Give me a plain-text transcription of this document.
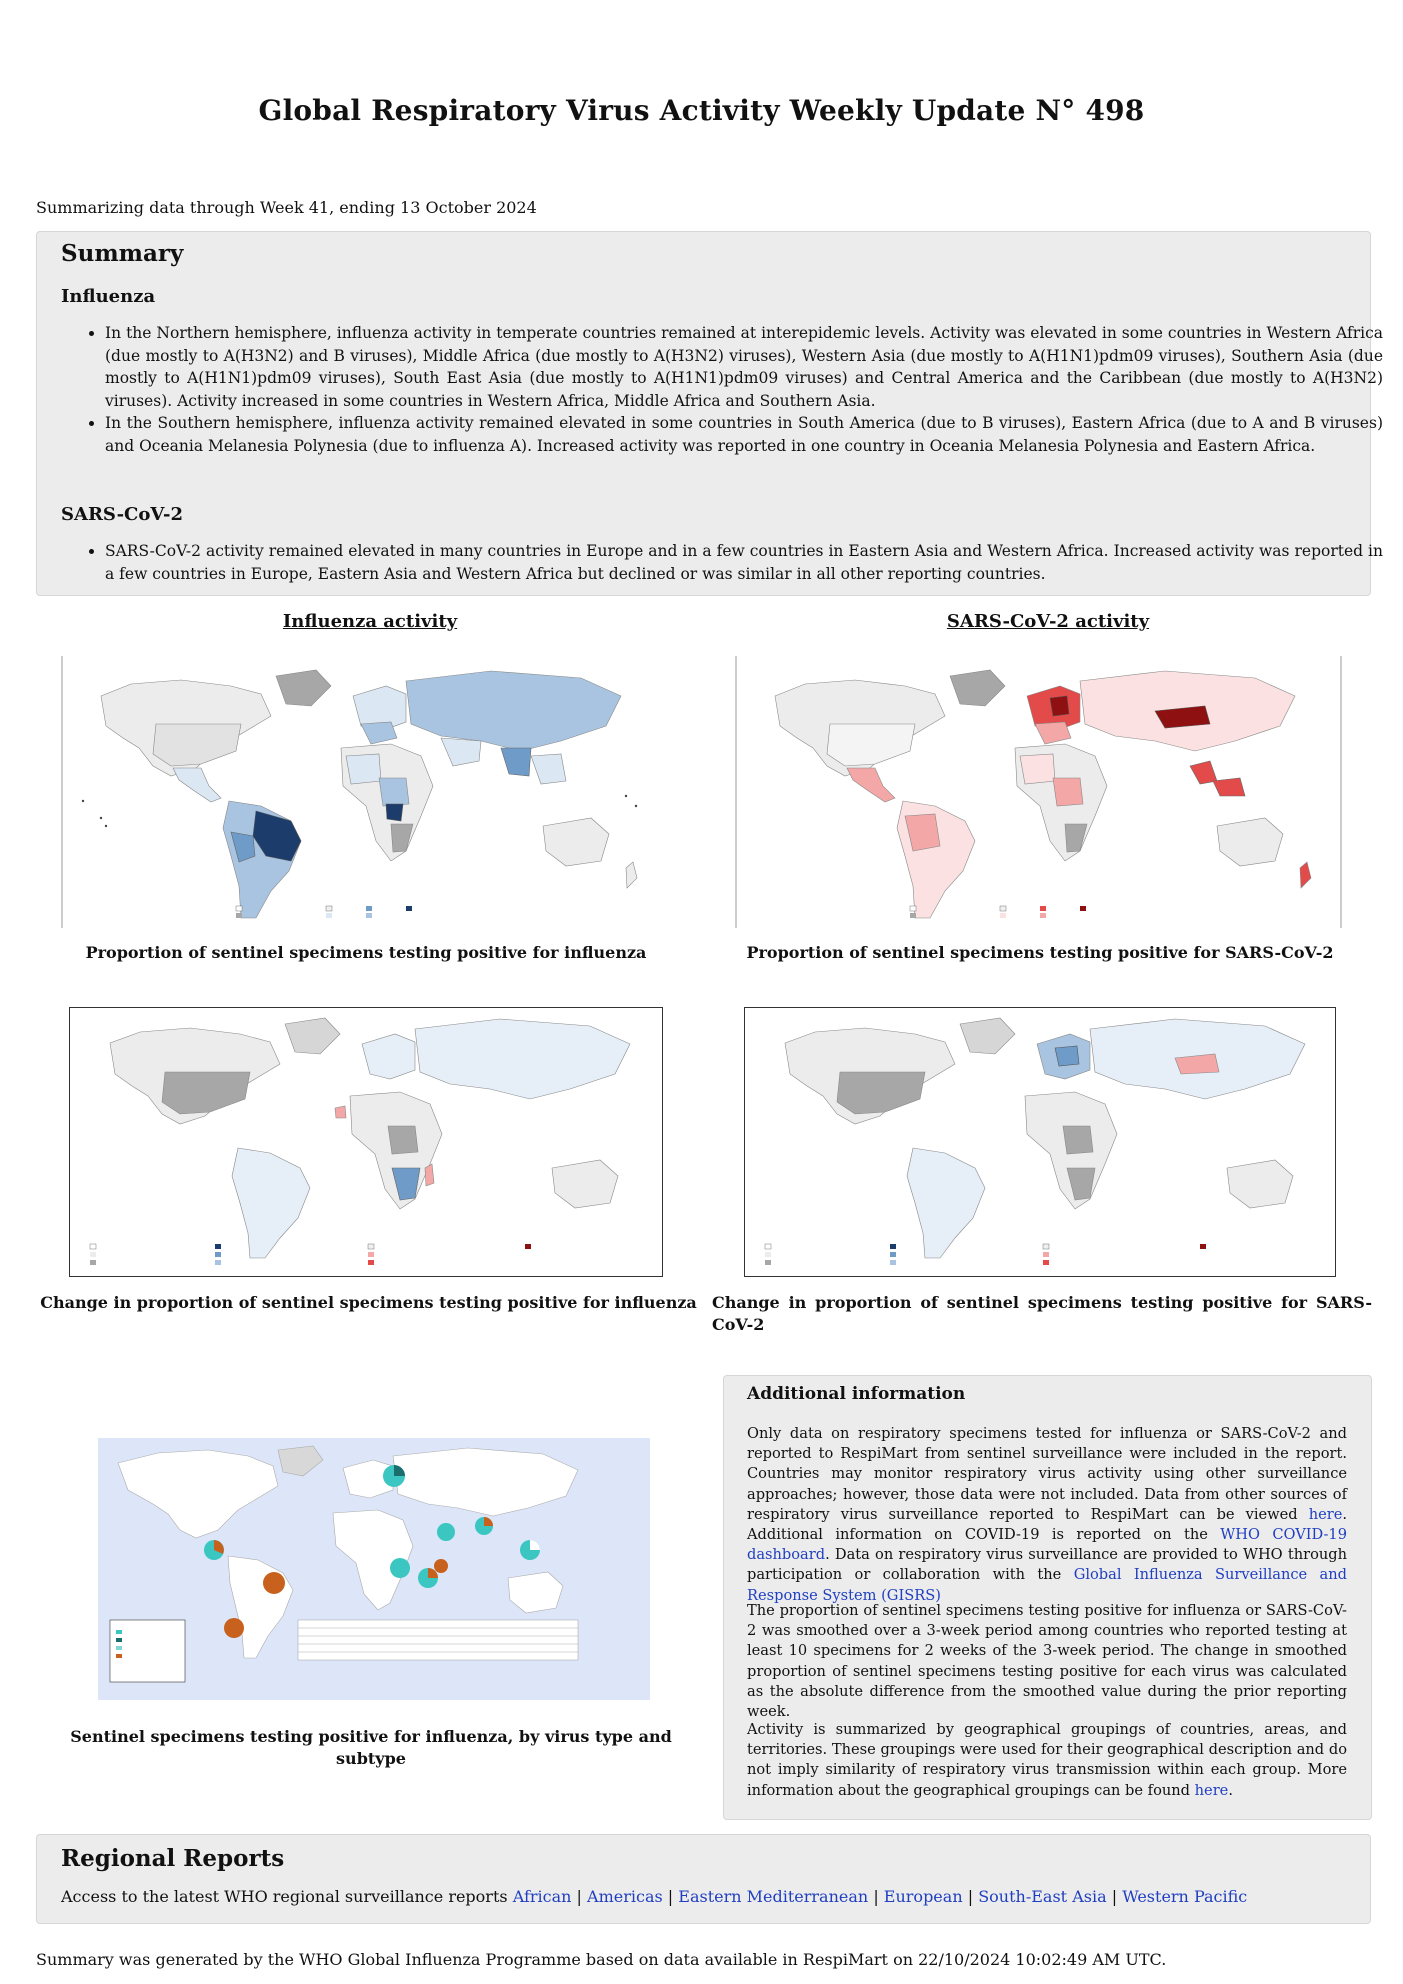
Global Respiratory Virus Activity Weekly Update N° 498
Summarizing data through Week 41, ending 13 October 2024
Summary
Influenza
• In the Northern hemisphere, influenza activity in temperate countries remained at interepidemic levels. Activity was elevated in some countries in Western Africa (due mostly to A(H3N2) and B viruses), Middle Africa (due mostly to A(H3N2) viruses), Western Asia (due mostly to A(H1N1)pdm09 viruses), Southern Asia (due mostly to A(H1N1)pdm09 viruses), South East Asia (due mostly to A(H1N1)pdm09 viruses) and Central America and the Caribbean (due mostly to A(H3N2) viruses). Activity increased in some countries in Western Africa, Middle Africa and Southern Asia.
• In the Southern hemisphere, influenza activity remained elevated in some countries in South America (due to B viruses), Eastern Africa (due to A and B viruses) and Oceania Melanesia Polynesia (due to influenza A). Increased activity was reported in one country in Oceania Melanesia Polynesia and Eastern Africa.
SARS-CoV-2
• SARS-CoV-2 activity remained elevated in many countries in Europe and in a few countries in Eastern Asia and Western Africa. Increased activity was reported in a few countries in Europe, Eastern Asia and Western Africa but declined or was similar in all other reporting countries.
Influenza activity	SARS-CoV-2 activity
Proportion of sentinel specimens testing positive for influenza	Proportion of sentinel specimens testing positive for SARS-CoV-2
Change in proportion of sentinel specimens testing positive for influenza Change in proportion of sentinel specimens testing positive for SARS-CoV-2
Sentinel specimens testing positive for influenza, by virus type and subtype
Additional information
Only data on respiratory specimens tested for influenza or SARS-CoV-2 and reported to RespiMart from sentinel surveillance were included in the report. Countries may monitor respiratory virus activity using other surveillance approaches; however, those data were not included. Data from other sources of respiratory virus surveillance reported to RespiMart can be viewed here. Additional information on COVID-19 is reported on the WHO COVID-19 dashboard. Data on respiratory virus surveillance are provided to WHO through participation or collaboration with the Global Influenza Surveillance and Response System (GISRS)
The proportion of sentinel specimens testing positive for influenza or SARS-CoV-2 was smoothed over a 3-week period among countries who reported testing at least 10 specimens for 2 weeks of the 3-week period. The change in smoothed proportion of sentinel specimens testing positive for each virus was calculated as the absolute difference from the smoothed value during the prior reporting week.
Activity is summarized by geographical groupings of countries, areas, and territories. These groupings were used for their geographical description and do not imply similarity of respiratory virus transmission within each group. More information about the geographical groupings can be found here.
Regional Reports
Access to the latest WHO regional surveillance reports African | Americas | Eastern Mediterranean | European | South-East Asia | Western Pacific
Summary was generated by the WHO Global Influenza Programme based on data available in RespiMart on 22/10/2024 10:02:49 AM UTC.
